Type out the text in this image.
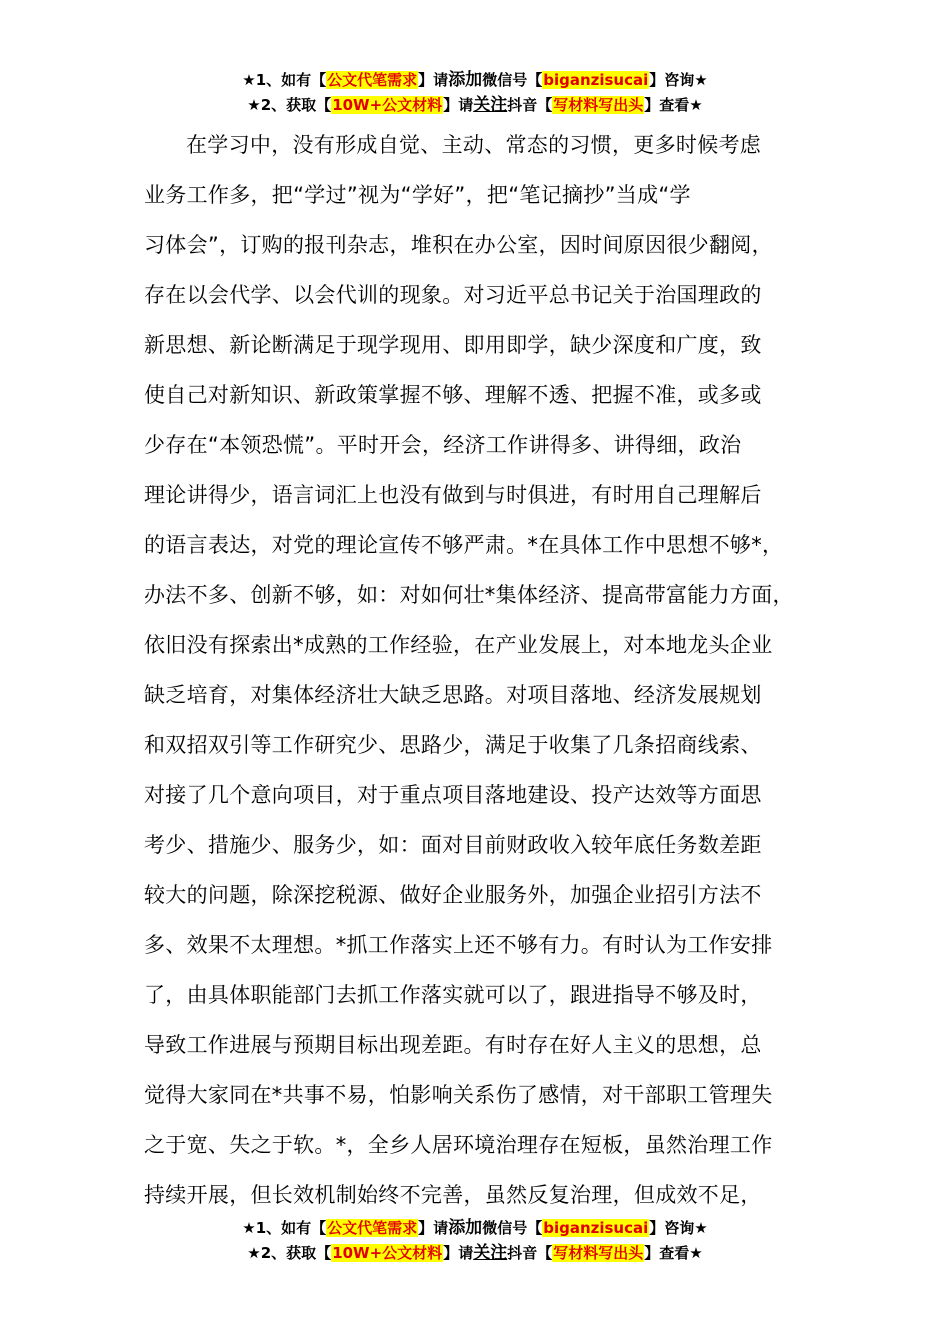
★1、如有【公文代笔需求】请添加微信号【biganzisucai】咨询★
★2、获取【10W+公文材料】请关注抖音【写材料写出头】查看★
在学习中，没有形成自觉、主动、常态的习惯，更多时候考虑
业务工作多，把“学过”视为“学好”，把“笔记摘抄”当成“学
习体会”，订购的报刊杂志，堆积在办公室，因时间原因很少翻阅，
存在以会代学、以会代训的现象。对习近平总书记关于治国理政的
新思想、新论断满足于现学现用、即用即学，缺少深度和广度，致
使自己对新知识、新政策掌握不够、理解不透、把握不准，或多或
少存在“本领恐慌”。平时开会，经济工作讲得多、讲得细，政治
理论讲得少，语言词汇上也没有做到与时俱进，有时用自己理解后
的语言表达，对党的理论宣传不够严肃。*在具体工作中思想不够*，
办法不多、创新不够，如：对如何壮*集体经济、提高带富能力方面，
依旧没有探索出*成熟的工作经验，在产业发展上，对本地龙头企业
缺乏培育，对集体经济壮大缺乏思路。对项目落地、经济发展规划
和双招双引等工作研究少、思路少，满足于收集了几条招商线索、
对接了几个意向项目，对于重点项目落地建设、投产达效等方面思
考少、措施少、服务少，如：面对目前财政收入较年底任务数差距
较大的问题，除深挖税源、做好企业服务外，加强企业招引方法不
多、效果不太理想。*抓工作落实上还不够有力。有时认为工作安排
了，由具体职能部门去抓工作落实就可以了，跟进指导不够及时，
导致工作进展与预期目标出现差距。有时存在好人主义的思想，总
觉得大家同在*共事不易，怕影响关系伤了感情，对干部职工管理失
之于宽、失之于软。*，全乡人居环境治理存在短板，虽然治理工作
持续开展，但长效机制始终不完善，虽然反复治理，但成效不足，
★1、如有【公文代笔需求】请添加微信号【biganzisucai】咨询★
★2、获取【10W+公文材料】请关注抖音【写材料写出头】查看★
